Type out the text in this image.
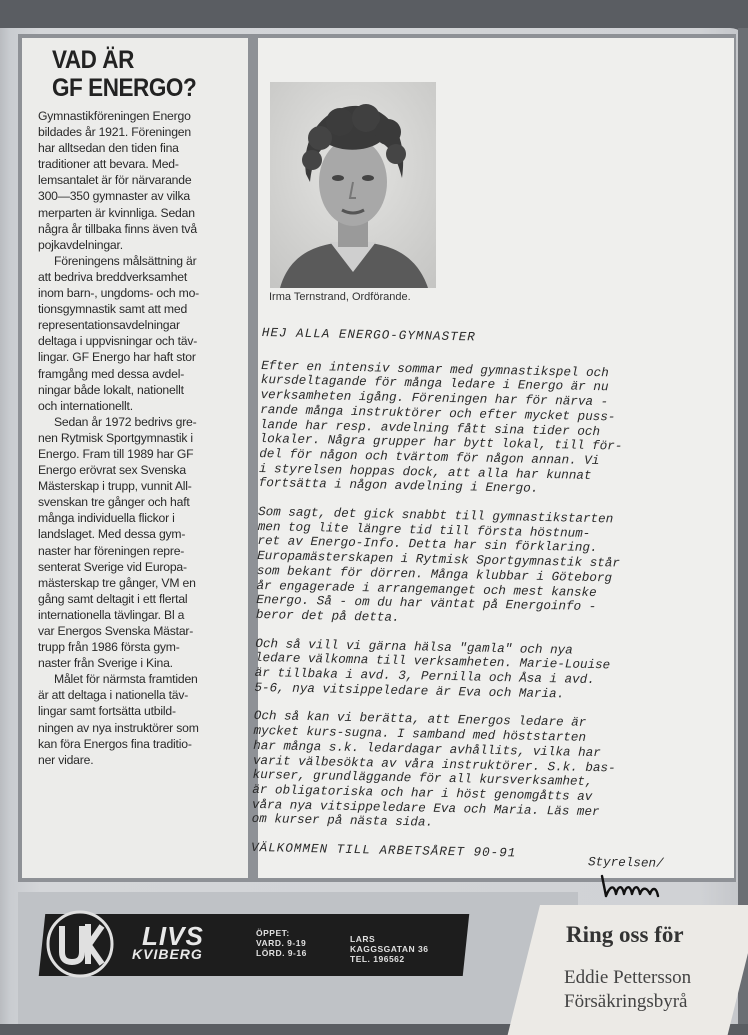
VAD ÄR
GF ENERGO?

Gymnastikföreningen Energo
bildades år 1921. Föreningen
har alltsedan den tiden fina
traditioner att bevara. Med-
lemsantalet är för närvarande
300—350 gymnaster av vilka
merparten är kvinnliga. Sedan
några år tillbaka finns även två
pojkavdelningar.

Föreningens målsättning är
att bedriva breddverksamhet
inom barn-, ungdoms- och mo-
tionsgymnastik samt att med
representationsavdelningar
deltaga i uppvisningar och täv-
lingar. GF Energo har haft stor
framgång med dessa avdel-
ningar både lokalt, nationellt
och internationellt.

Sedan år 1972 bedrivs gre-
nen Rytmisk Sportgymnastik i
Energo. Fram till 1989 har GF
Energo erövrat sex Svenska
Mästerskap i trupp, vunnit All-
svenskan tre gånger och haft
många individuella flickor i
landslaget. Med dessa gym-
naster har föreningen repre-
senterat Sverige vid Europa-
mästerskap tre gånger, VM en
gång samt deltagit i ett flertal
internationella tävlingar. Bl a
var Energos Svenska Mästar-
trupp från 1986 första gym-
naster från Sverige i Kina.

Målet för närmsta framtiden
är att deltaga i nationella täv-
lingar samt fortsätta utbild-
ningen av nya instruktörer som
kan föra Energos fina traditio-
ner vidare.

Irma Ternstrand, Ordförande.

HEJ ALLA ENERGO-GYMNASTER

Efter en intensiv sommar med gymnastikspel och
kursdeltagande för många ledare i Energo är nu
verksamheten igång. Föreningen har för närva -
rande många instruktörer och efter mycket puss-
lande har resp. avdelning fått sina tider och
lokaler. Några grupper har bytt lokal, till för-
del för någon och tvärtom för någon annan. Vi
i styrelsen hoppas dock, att alla har kunnat
fortsätta i någon avdelning i Energo.

Som sagt, det gick snabbt till gymnastikstarten
men tog lite längre tid till första höstnum-
ret av Energo-Info. Detta har sin förklaring.
Europamästerskapen i Rytmisk Sportgymnastik står
som bekant för dörren. Många klubbar i Göteborg
år engagerade i arrangemanget och mest kanske
Energo. Så - om du har väntat på Energoinfo -
beror det på detta.

Och så vill vi gärna hälsa "gamla" och nya
ledare välkomna till verksamheten. Marie-Louise
är tillbaka i avd. 3, Pernilla och Åsa i avd.
5-6, nya vitsippeledare är Eva och Maria.

Och så kan vi berätta, att Energos ledare är
mycket kurs-sugna. I samband med höststarten
har många s.k. ledardagar avhållits, vilka har
varit välbesökta av våra instruktörer. S.k. bas-
kurser, grundläggande för all kursverksamhet,
är obligatoriska och har i höst genomgåtts av
våra nya vitsippeledare Eva och Maria. Läs mer
om kurser på nästa sida.

VÄLKOMMEN TILL ARBETSÅRET 90-91

Styrelsen/
LIVS
KVIBERG
ÖPPET:
VARD. 9-19
LÖRD. 9-16
LARS
KAGGSGATAN 36
TEL. 196562
Ring oss för
Eddie Pettersson
Försäkringsbyrå
